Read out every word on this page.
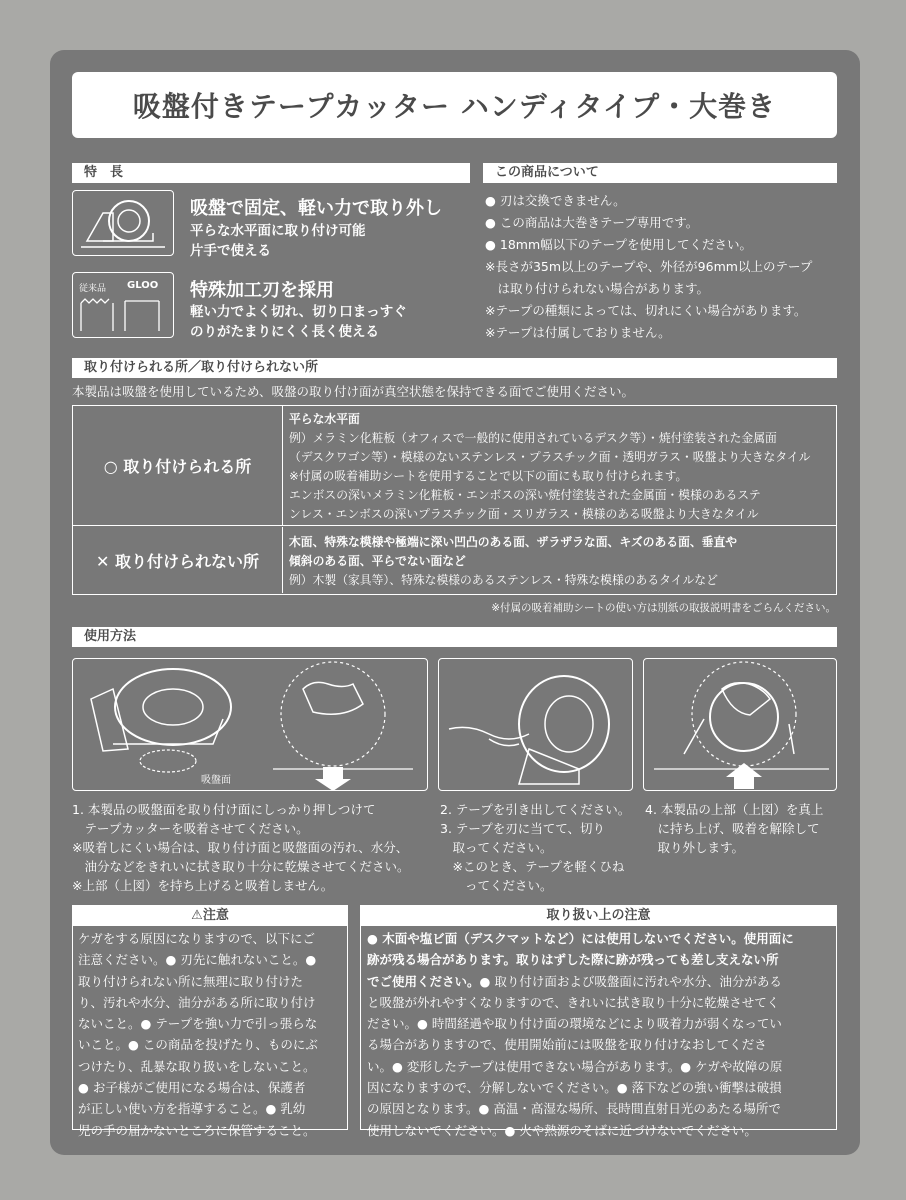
吸盤付きテープカッター ハンディタイプ・大巻き
特　長
吸盤で固定、軽い力で取り外し
平らな水平面に取り付け可能
片手で使える
従来品 GLOO 特殊加工刃を採用
軽い力でよく切れ、切り口まっすぐ
のりがたまりにくく長く使える
この商品について
● 刃は交換できません。
● この商品は大巻きテープ専用です。
● 18mm幅以下のテープを使用してください。
※長さが35m以上のテープや、外径が96mm以上のテープ
　は取り付けられない場合があります。
※テープの種類によっては、切れにくい場合があります。
※テープは付属しておりません。
取り付けられる所／取り付けられない所
本製品は吸盤を使用しているため、吸盤の取り付け面が真空状態を保持できる面でご使用ください。
○ 取り付けられる所
平らな水平面
例）メラミン化粧板（オフィスで一般的に使用されているデスク等）・焼付塗装された金属面
（デスクワゴン等）・模様のないステンレス・プラスチック面・透明ガラス・吸盤より大きなタイル
※付属の吸着補助シートを使用することで以下の面にも取り付けられます。
エンボスの深いメラミン化粧板・エンボスの深い焼付塗装された金属面・模様のあるステ
ンレス・エンボスの深いプラスチック面・スリガラス・模様のある吸盤より大きなタイル
✕ 取り付けられない所
木面、特殊な模様や極端に深い凹凸のある面、ザラザラな面、キズのある面、垂直や
傾斜のある面、平らでない面など
例）木製（家具等）、特殊な模様のあるステンレス・特殊な模様のあるタイルなど
※付属の吸着補助シートの使い方は別紙の取扱説明書をごらんください。
使用方法
吸盤面
1. 本製品の吸盤面を取り付け面にしっかり押しつけて
　テープカッターを吸着させてください。
※吸着しにくい場合は、取り付け面と吸盤面の汚れ、水分、
　油分などをきれいに拭き取り十分に乾燥させてください。
※上部（上図）を持ち上げると吸着しません。
2. テープを引き出してください。
3. テープを刃に当てて、切り
　取ってください。
　※このとき、テープを軽くひね
　　ってください。
4. 本製品の上部（上図）を真上
　に持ち上げ、吸着を解除して
　取り外します。
⚠注意
ケガをする原因になりますので、以下にご
注意ください。● 刃先に触れないこと。●
取り付けられない所に無理に取り付けた
り、汚れや水分、油分がある所に取り付け
ないこと。● テープを強い力で引っ張らな
いこと。● この商品を投げたり、ものにぶ
つけたり、乱暴な取り扱いをしないこと。
● お子様がご使用になる場合は、保護者
が正しい使い方を指導すること。● 乳幼
児の手の届かないところに保管すること。
取り扱い上の注意
● 木面や塩ビ面（デスクマットなど）には使用しないでください。使用面に
跡が残る場合があります。取りはずした際に跡が残っても差し支えない所
でご使用ください。● 取り付け面および吸盤面に汚れや水分、油分がある
と吸盤が外れやすくなりますので、きれいに拭き取り十分に乾燥させてく
ださい。● 時間経過や取り付け面の環境などにより吸着力が弱くなってい
る場合がありますので、使用開始前には吸盤を取り付けなおしてくださ
い。● 変形したテープは使用できない場合があります。● ケガや故障の原
因になりますので、分解しないでください。● 落下などの強い衝撃は破損
の原因となります。● 高温・高湿な場所、長時間直射日光のあたる場所で
使用しないでください。● 火や熱源のそばに近づけないでください。
